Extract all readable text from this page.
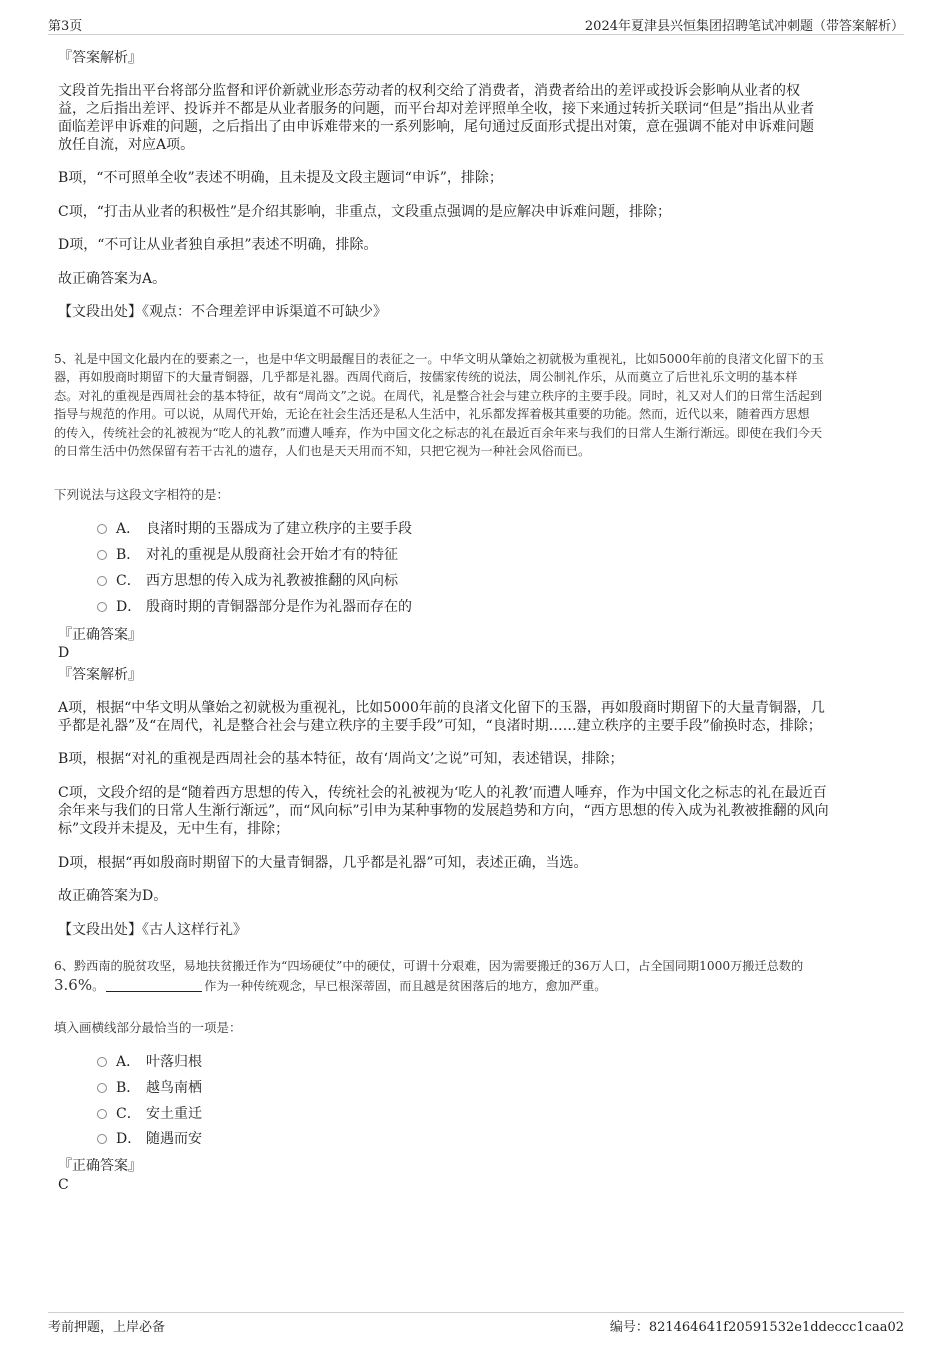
第3页	2024年夏津县兴恒集团招聘笔试冲刺题（带答案解析）
『答案解析』
文段首先指出平台将部分监督和评价新就业形态劳动者的权利交给了消费者，消费者给出的差评或投诉会影响从业者的权
益，之后指出差评、投诉并不都是从业者服务的问题，而平台却对差评照单全收，接下来通过转折关联词“但是”指出从业者
面临差评申诉难的问题，之后指出了由申诉难带来的一系列影响，尾句通过反面形式提出对策，意在强调不能对申诉难问题
放任自流，对应A项。
B项，“不可照单全收”表述不明确，且未提及文段主题词“申诉”，排除；
C项，“打击从业者的积极性”是介绍其影响，非重点，文段重点强调的是应解决申诉难问题，排除；
D项，“不可让从业者独自承担”表述不明确，排除。
故正确答案为A。
【文段出处】《观点：不合理差评申诉渠道不可缺少》
5、礼是中国文化最内在的要素之一，也是中华文明最醒目的表征之一。中华文明从肇始之初就极为重视礼，比如5000年前的良渚文化留下的玉
器，再如殷商时期留下的大量青铜器，几乎都是礼器。西周代商后，按儒家传统的说法，周公制礼作乐，从而奠立了后世礼乐文明的基本样
态。对礼的重视是西周社会的基本特征，故有“周尚文”之说。在周代，礼是整合社会与建立秩序的主要手段。同时，礼又对人们的日常生活起到
指导与规范的作用。可以说，从周代开始，无论在社会生活还是私人生活中，礼乐都发挥着极其重要的功能。然而，近代以来，随着西方思想
的传入，传统社会的礼被视为“吃人的礼教”而遭人唾弃，作为中国文化之标志的礼在最近百余年来与我们的日常人生渐行渐远。即使在我们今天
的日常生活中仍然保留有若干古礼的遗存，人们也是天天用而不知，只把它视为一种社会风俗而已。
下列说法与这段文字相符的是：
A． 良渚时期的玉器成为了建立秩序的主要手段
B． 对礼的重视是从殷商社会开始才有的特征
C． 西方思想的传入成为礼教被推翻的风向标
D． 殷商时期的青铜器部分是作为礼器而存在的
『正确答案』
D
『答案解析』
A项，根据“中华文明从肇始之初就极为重视礼，比如5000年前的良渚文化留下的玉器，再如殷商时期留下的大量青铜器，几
乎都是礼器”及“在周代，礼是整合社会与建立秩序的主要手段”可知，“良渚时期……建立秩序的主要手段”偷换时态，排除；
B项，根据“对礼的重视是西周社会的基本特征，故有‘周尚文’之说”可知，表述错误，排除；
C项，文段介绍的是“随着西方思想的传入，传统社会的礼被视为‘吃人的礼教’而遭人唾弃，作为中国文化之标志的礼在最近百
余年来与我们的日常人生渐行渐远”，而“风向标”引申为某种事物的发展趋势和方向，“西方思想的传入成为礼教被推翻的风向
标”文段并未提及，无中生有，排除；
D项，根据“再如殷商时期留下的大量青铜器，几乎都是礼器”可知，表述正确，当选。
故正确答案为D。
【文段出处】《古人这样行礼》
6、黔西南的脱贫攻坚，易地扶贫搬迁作为“四场硬仗”中的硬仗，可谓十分艰难，因为需要搬迁的36万人口，占全国同期1000万搬迁总数的
3.6%。	作为一种传统观念，早已根深蒂固，而且越是贫困落后的地方，愈加严重。
填入画横线部分最恰当的一项是：
A． 叶落归根
B． 越鸟南栖
C． 安土重迁
D． 随遇而安
『正确答案』
C
考前押题，上岸必备	编号：821464641f20591532e1ddeccc1caa02
